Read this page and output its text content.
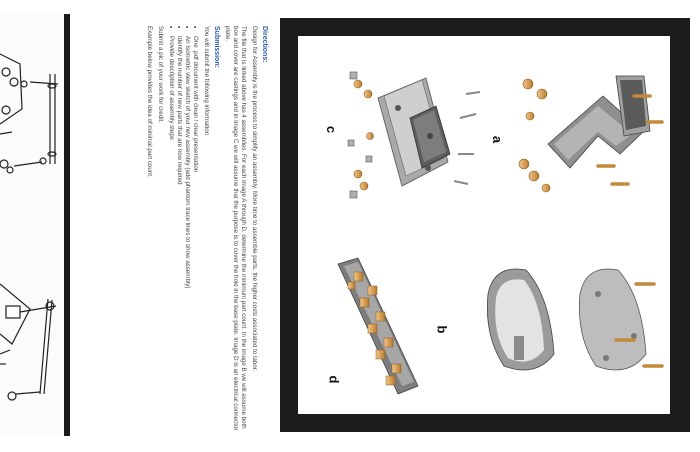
Directions:

Design for Assembly is the process to simplify an assembly. More time to assemble parts, the higher costs associated to labor.

The file that is linked above has 4 assemblies. For each image A through D, determine the minimum part count. In the image B we will assume both box and cover are castings and in image C we will assume that the purpose is to cover the hole in the base plate. Image D is an electrical connector plate.

Submission:

You will submit the following information

• One .pdf document with clean / clear presentation
• An Isometric view sketch of your new assembly (add phantom trace lines to show assembly)
• Identify the number of new parts that are now required
• Provide description of assembly steps

Submit a pic of your work for credit.

Example below provides the idea of minimal part count.	c
a
b
d
